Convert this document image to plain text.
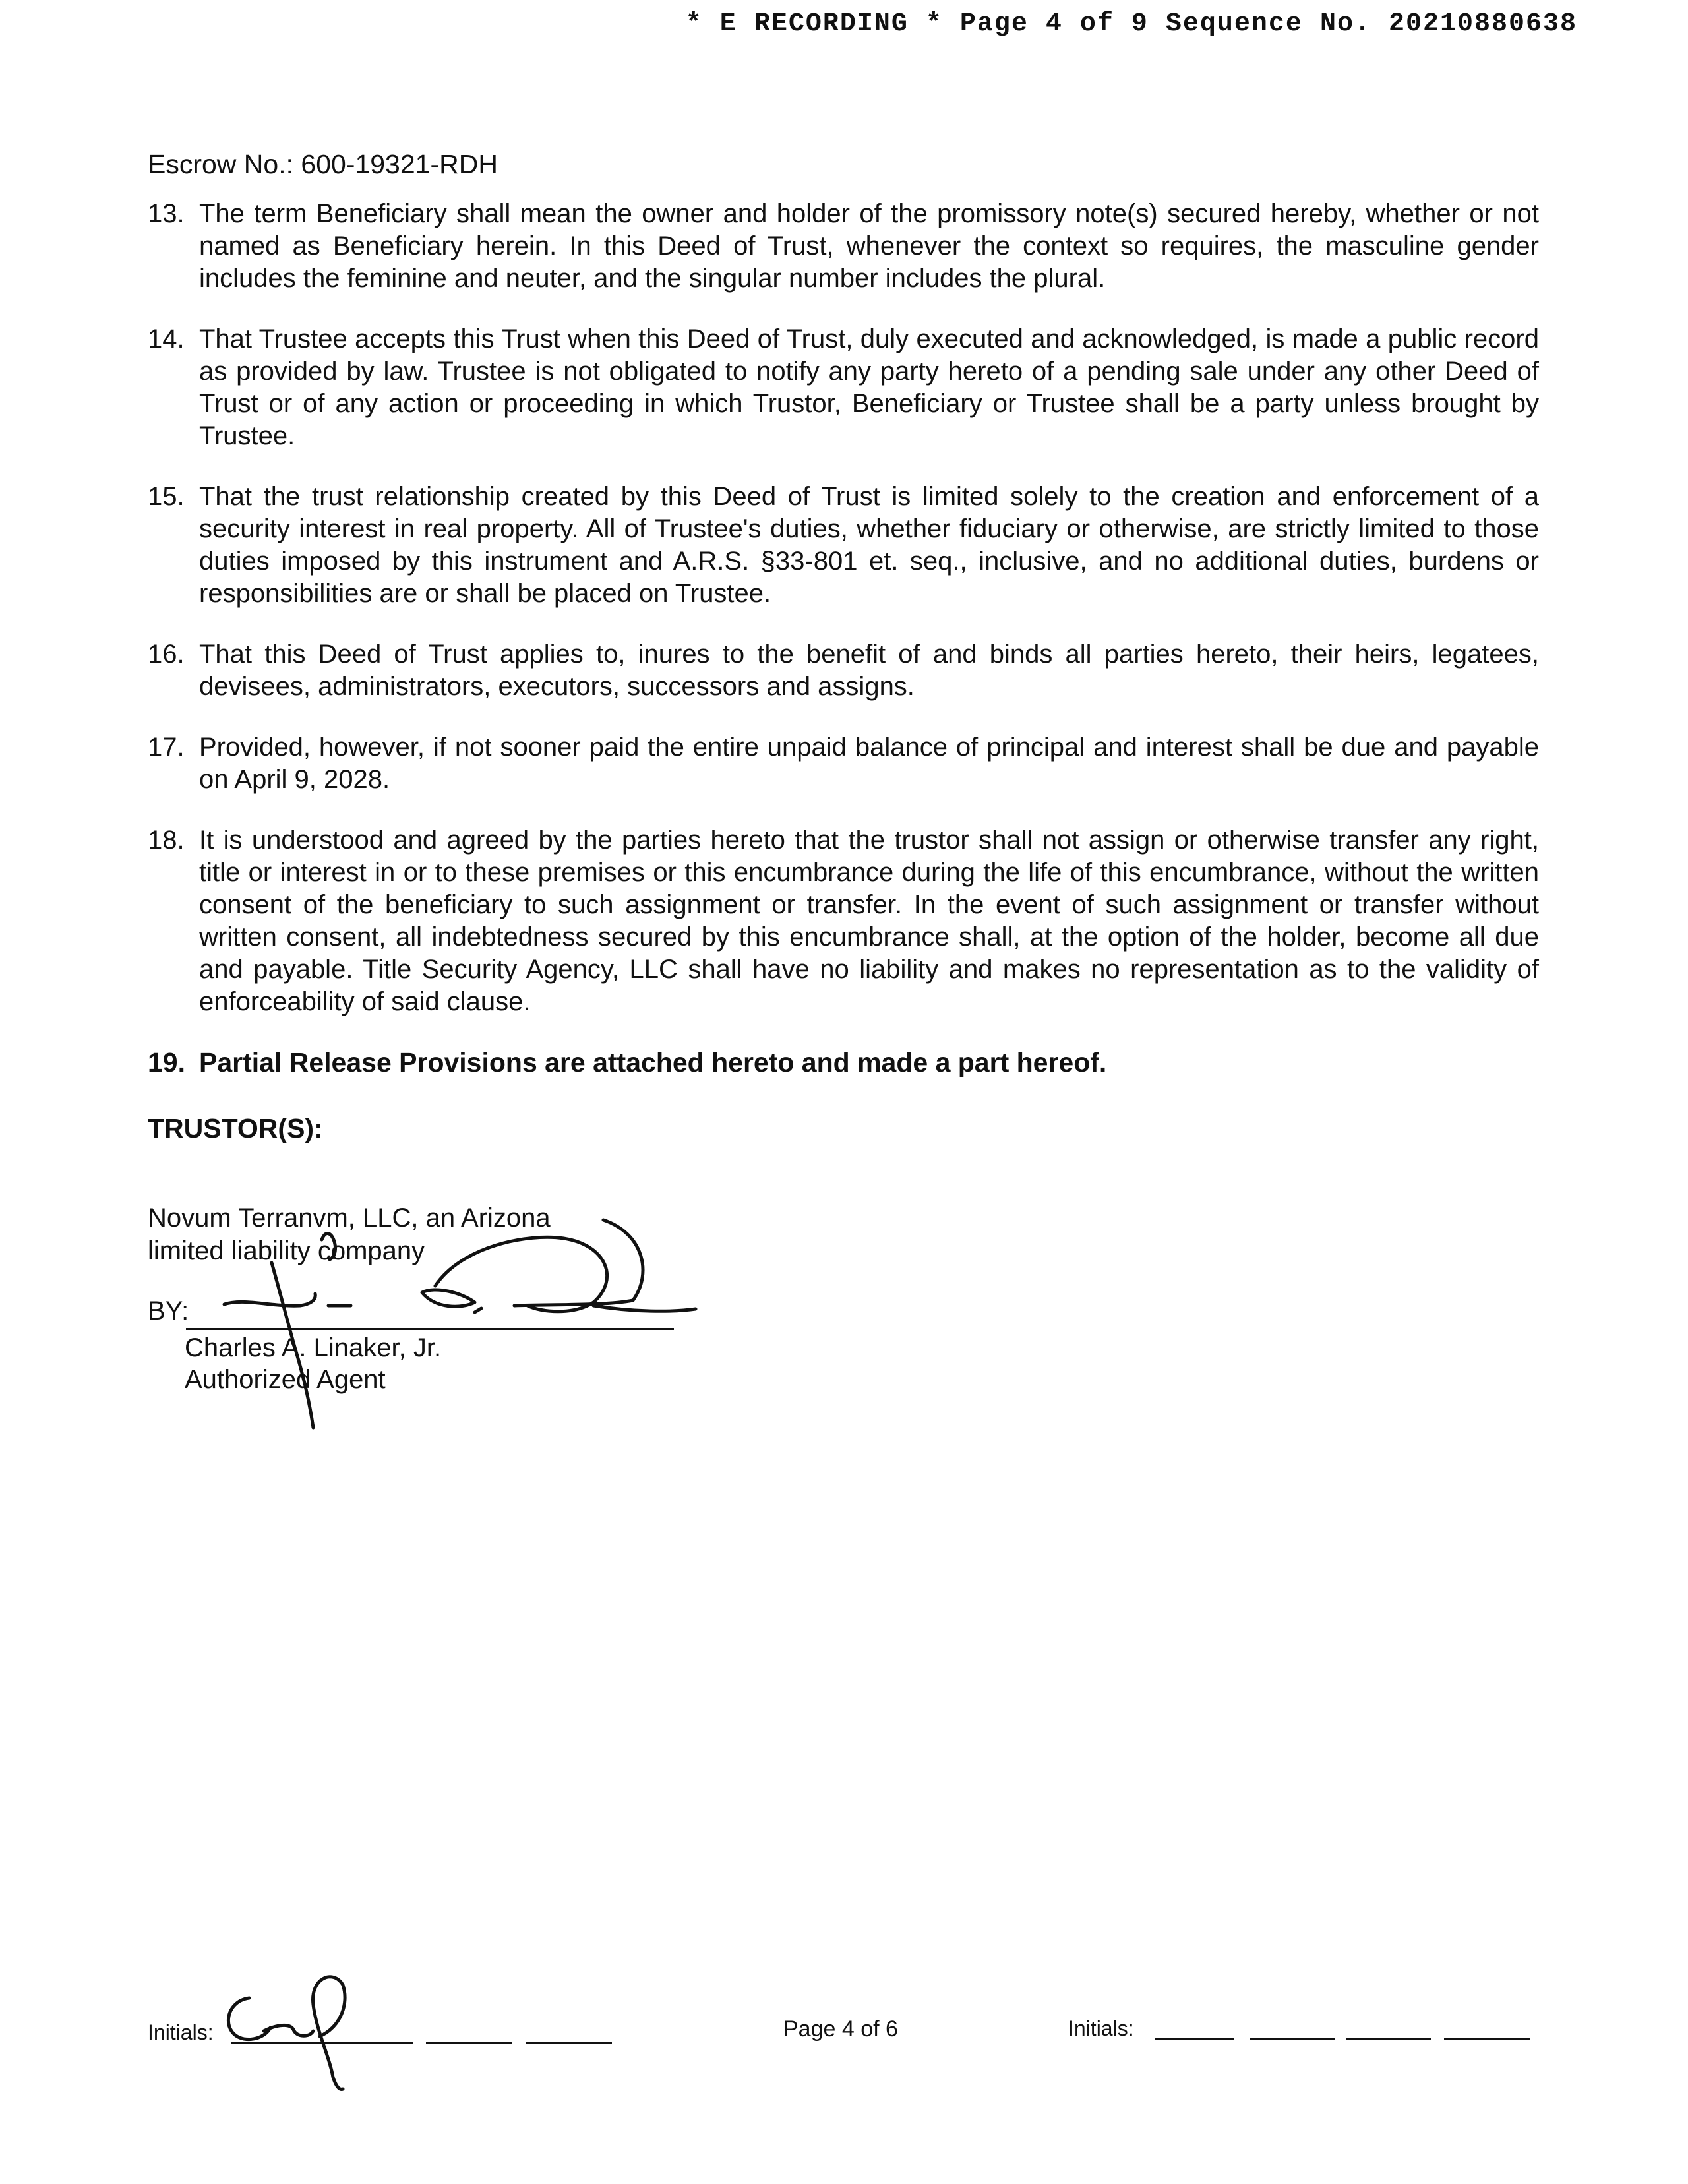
* E RECORDING * Page 4 of 9 Sequence No. 20210880638
Escrow No.: 600-19321-RDH
13. The term Beneficiary shall mean the owner and holder of the promissory note(s) secured hereby, whether or not named as Beneficiary herein. In this Deed of Trust, whenever the context so requires, the masculine gender includes the feminine and neuter, and the singular number includes the plural.
14. That Trustee accepts this Trust when this Deed of Trust, duly executed and acknowledged, is made a public record as provided by law. Trustee is not obligated to notify any party hereto of a pending sale under any other Deed of Trust or of any action or proceeding in which Trustor, Beneficiary or Trustee shall be a party unless brought by Trustee.
15. That the trust relationship created by this Deed of Trust is limited solely to the creation and enforcement of a security interest in real property. All of Trustee's duties, whether fiduciary or otherwise, are strictly limited to those duties imposed by this instrument and A.R.S. §33-801 et. seq., inclusive, and no additional duties, burdens or responsibilities are or shall be placed on Trustee.
16. That this Deed of Trust applies to, inures to the benefit of and binds all parties hereto, their heirs, legatees, devisees, administrators, executors, successors and assigns.
17. Provided, however, if not sooner paid the entire unpaid balance of principal and interest shall be due and payable on April 9, 2028.
18. It is understood and agreed by the parties hereto that the trustor shall not assign or otherwise transfer any right, title or interest in or to these premises or this encumbrance during the life of this encumbrance, without the written consent of the beneficiary to such assignment or transfer. In the event of such assignment or transfer without written consent, all indebtedness secured by this encumbrance shall, at the option of the holder, become all due and payable. Title Security Agency, LLC shall have no liability and makes no representation as to the validity of enforceability of said clause.
19. Partial Release Provisions are attached hereto and made a part hereof.
TRUSTOR(S):
Novum Terranvm, LLC, an Arizona
limited liability company
BY:
Charles A. Linaker, Jr.
Authorized Agent
Initials:	Page 4 of 6	Initials:
